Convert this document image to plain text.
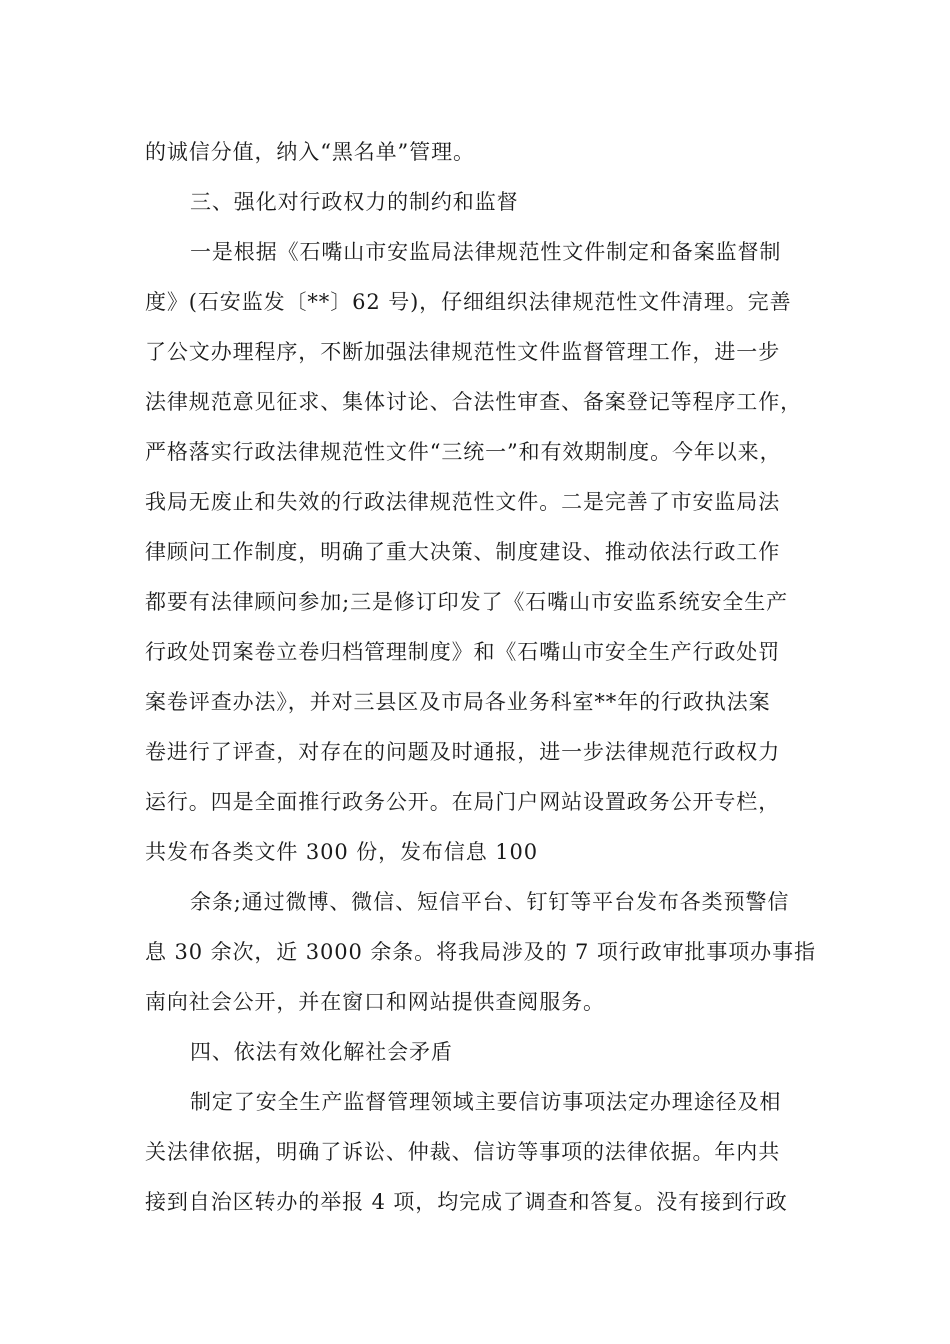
的诚信分值，纳入“黑名单”管理。
三、强化对行政权力的制约和监督
一是根据《石嘴山市安监局法律规范性文件制定和备案监督制
度》(石安监发〔**〕62 号)，仔细组织法律规范性文件清理。完善
了公文办理程序，不断加强法律规范性文件监督管理工作，进一步
法律规范意见征求、集体讨论、合法性审查、备案登记等程序工作，
严格落实行政法律规范性文件“三统一”和有效期制度。今年以来，
我局无废止和失效的行政法律规范性文件。二是完善了市安监局法
律顾问工作制度，明确了重大决策、制度建设、推动依法行政工作
都要有法律顾问参加;三是修订印发了《石嘴山市安监系统安全生产
行政处罚案卷立卷归档管理制度》和《石嘴山市安全生产行政处罚
案卷评查办法》，并对三县区及市局各业务科室**年的行政执法案
卷进行了评查，对存在的问题及时通报，进一步法律规范行政权力
运行。四是全面推行政务公开。在局门户网站设置政务公开专栏，
共发布各类文件 300 份，发布信息 100
余条;通过微博、微信、短信平台、钉钉等平台发布各类预警信
息 30 余次，近 3000 余条。将我局涉及的 7 项行政审批事项办事指
南向社会公开，并在窗口和网站提供查阅服务。
四、依法有效化解社会矛盾
制定了安全生产监督管理领域主要信访事项法定办理途径及相
关法律依据，明确了诉讼、仲裁、信访等事项的法律依据。年内共
接到自治区转办的举报 4 项，均完成了调查和答复。没有接到行政
